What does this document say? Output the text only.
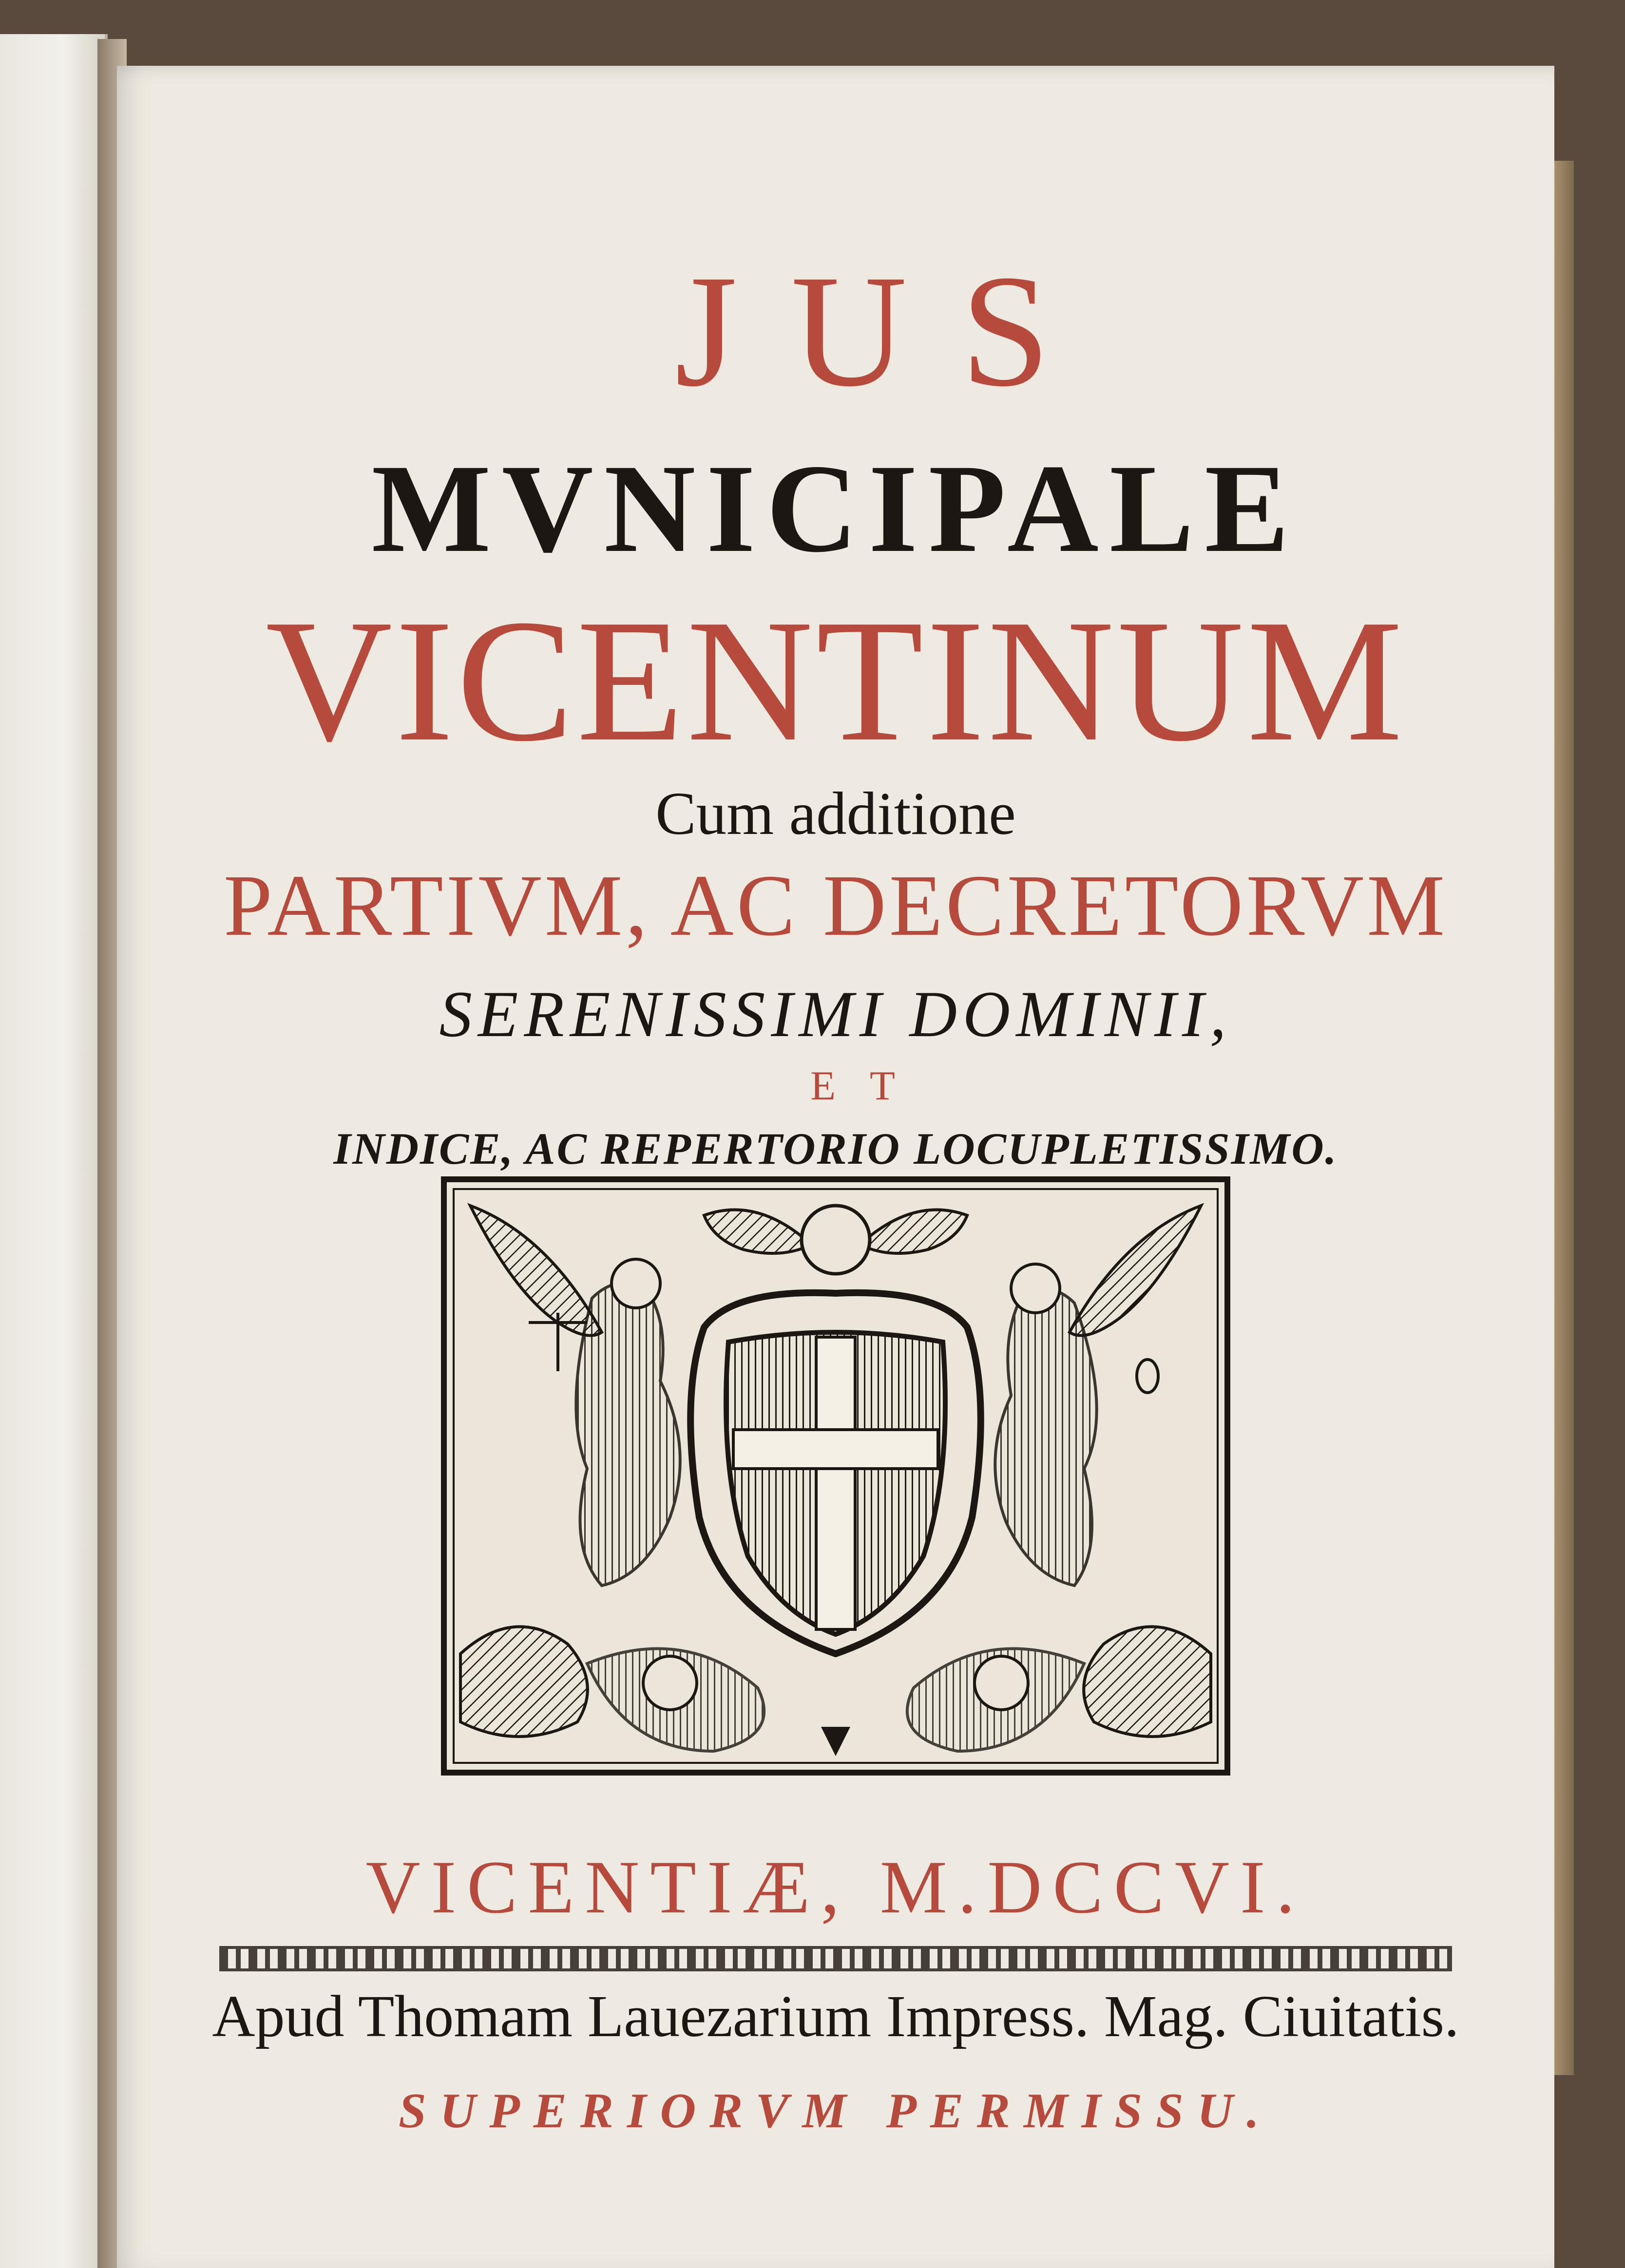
JUS
MVNICIPALE
VICENTINUM
Cum additione
PARTIVM, AC DECRETORVM
SERENISSIMI DOMINII,
ET
INDICE, AC REPERTORIO LOCUPLETISSIMO.
VICENTIÆ, M.DCCVI.
Apud Thomam Lauezarium Impress. Mag. Ciuitatis.
SUPERIORVM PERMISSU.
